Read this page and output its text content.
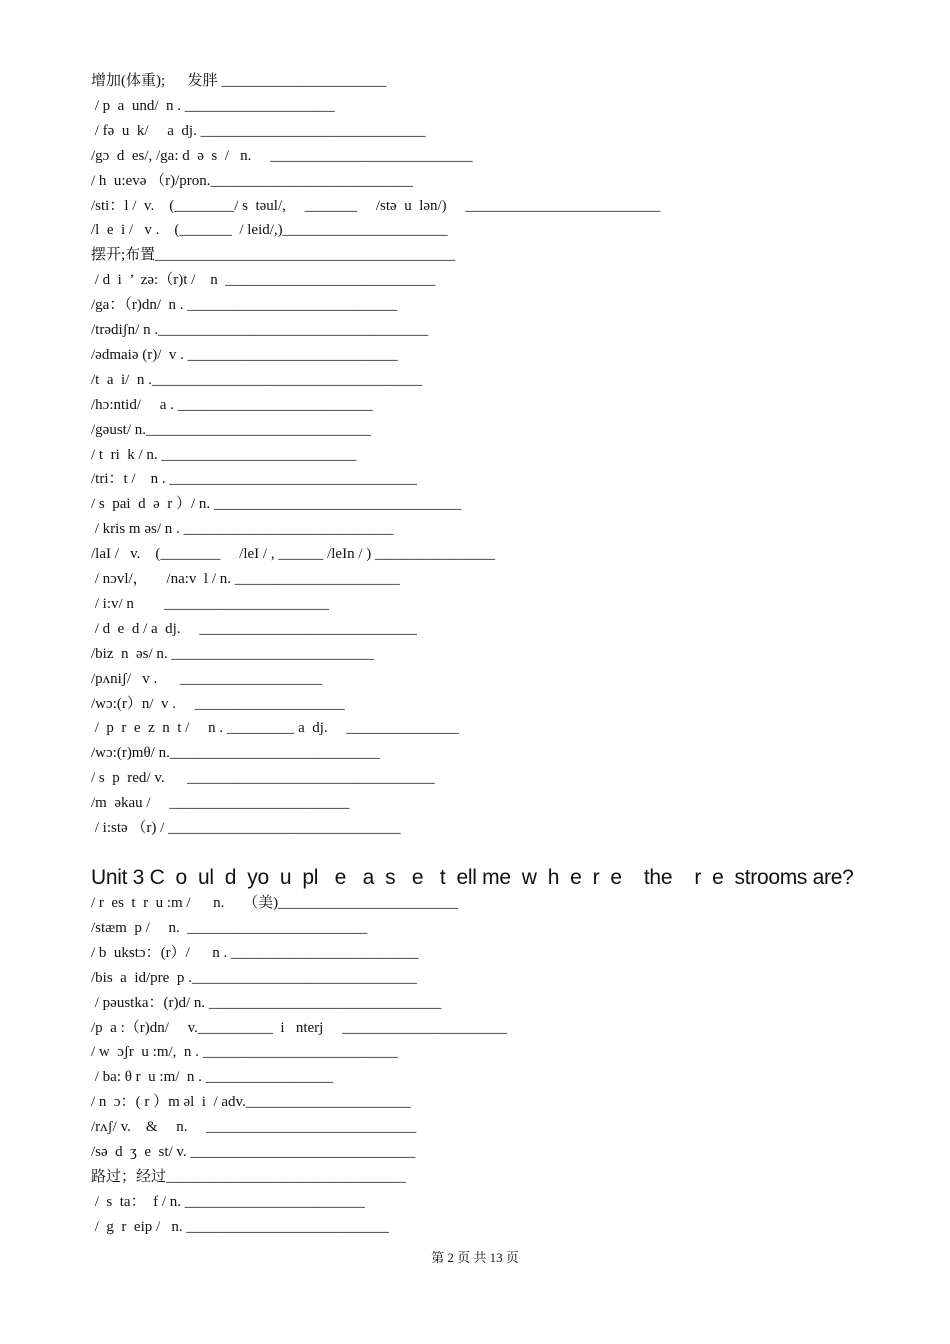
增加(体重);      发胖 ______________________
/ p  a  und/  n . ____________________
/ fə  u  k/     a  dj. ______________________________
/gɔ  d  es/, /ga: d  ə  s  /   n.     ___________________________
/ h  u:evə （r)/pron.___________________________
/sti：l /  v.    (________/ s  təul/,     _______     /stə  u  lən/)     __________________________
/l  e  i /   v .    (_______  / leid/,)______________________
摆开;布置________________________________________
/ d  i  ’  zə:（r)t /    n  ____________________________
/ga：（r)dn/  n . ____________________________
/trədiʃn/ n .____________________________________
/ədmaiə (r)/  v . ____________________________
/t  a  i/  n .____________________________________
/hɔ:ntid/     a . __________________________
/gəust/ n.______________________________
/ t  ri  k / n. __________________________
/tri：t /    n . _________________________________
/ s  pai  d  ə  r ）/ n. _________________________________
/ kris m əs/ n . ____________________________
/laI /   v.    (________     /leI / , ______ /leIn / ) ________________
/ nɔvl/，     /na:v  l / n. ______________________
/ i:v/ n        ______________________
/ d  e  d / a  dj.     _____________________________
/biz  n  əs/ n. ___________________________
/pʌniʃ/   v .      ___________________
/wɔ:(r）n/  v .     ____________________
/  p  r  e  z  n  t /     n . _________ a  dj.     _______________
/wɔ:(r)mθ/ n.____________________________
/ s  p  red/ v.      _________________________________
/m  əkau /     ________________________
/ i:stə （r) / _______________________________
Unit 3 C  o  ul  d  yo  u  pl   e   a  s   e   t  ell me  w  h  e  r  e    the    r  e  strooms are?
/ r  es  t  r  u :m /      n.     （美)________________________
/stæm  p /     n.  ________________________
/ b  ukstɔ：(r）/      n . _________________________
/bis  a  id/pre  p .______________________________
/ pəustka：(r)d/ n. _______________________________
/p  a :（r)dn/     v.__________  i   nterj     ______________________
/ w  ɔʃr  u :m/,  n . __________________________
/ ba: θ r  u :m/  n . _________________
/ n  ɔ：( r ）m əl  i  / adv.______________________
/rʌʃ/ v.    &     n.     ____________________________
/sə  d  ʒ  e  st/ v. ______________________________
路过；经过________________________________
/  s  ta：  f / n. ________________________
/  g  r  eip /   n. ___________________________
第 2 页 共 13 页
